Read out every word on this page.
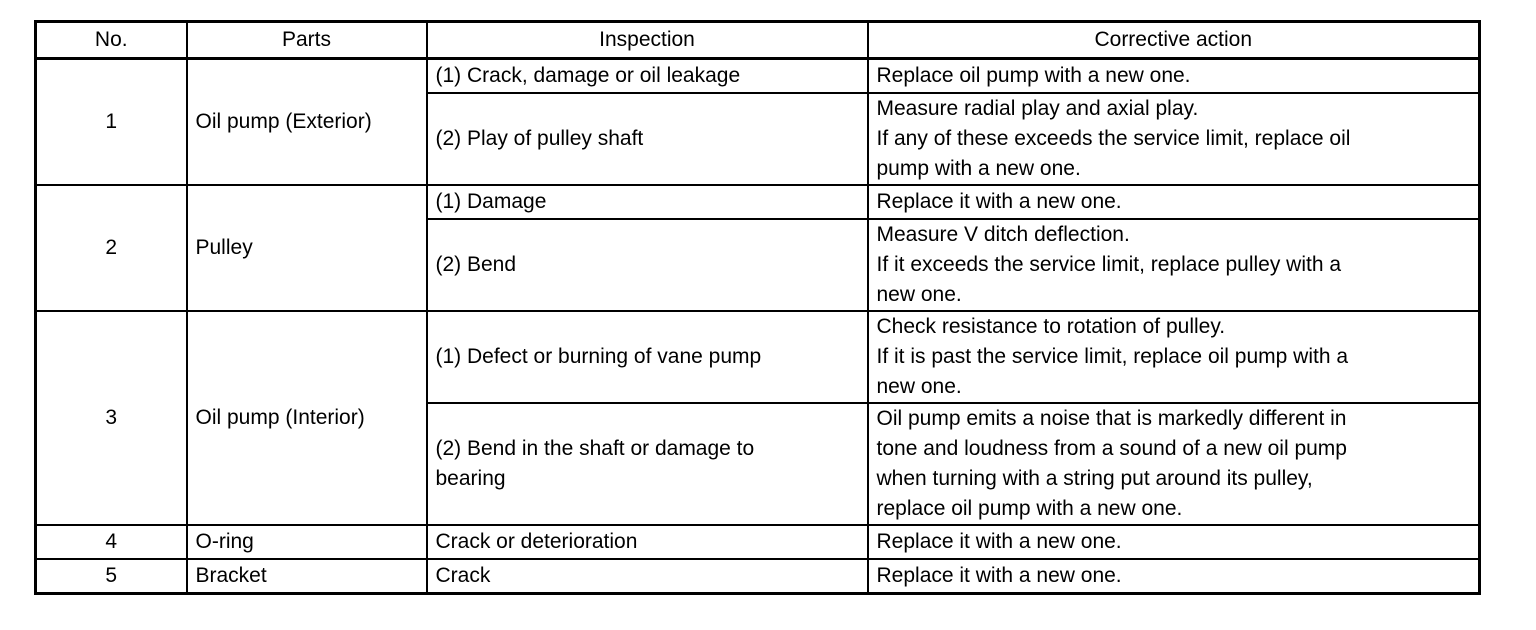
No.	Parts	Inspection	Corrective action
1	Oil pump (Exterior)	(1) Crack, damage or oil leakage	Replace oil pump with a new one.

		(2) Play of pulley shaft	Measure radial play and axial play.
If any of these exceeds the service limit, replace oil
pump with a new one.

2	Pulley	(1) Damage	Replace it with a new one.

		(2) Bend	Measure V ditch deflection.
If it exceeds the service limit, replace pulley with a
new one.

3	Oil pump (Interior)	(1) Defect or burning of vane pump	Check resistance to rotation of pulley.
If it is past the service limit, replace oil pump with a
new one.

		(2) Bend in the shaft or damage to
bearing	Oil pump emits a noise that is markedly different in
tone and loudness from a sound of a new oil pump
when turning with a string put around its pulley,
replace oil pump with a new one.

4	O-ring	Crack or deterioration	Replace it with a new one.

5	Bracket	Crack	Replace it with a new one.
